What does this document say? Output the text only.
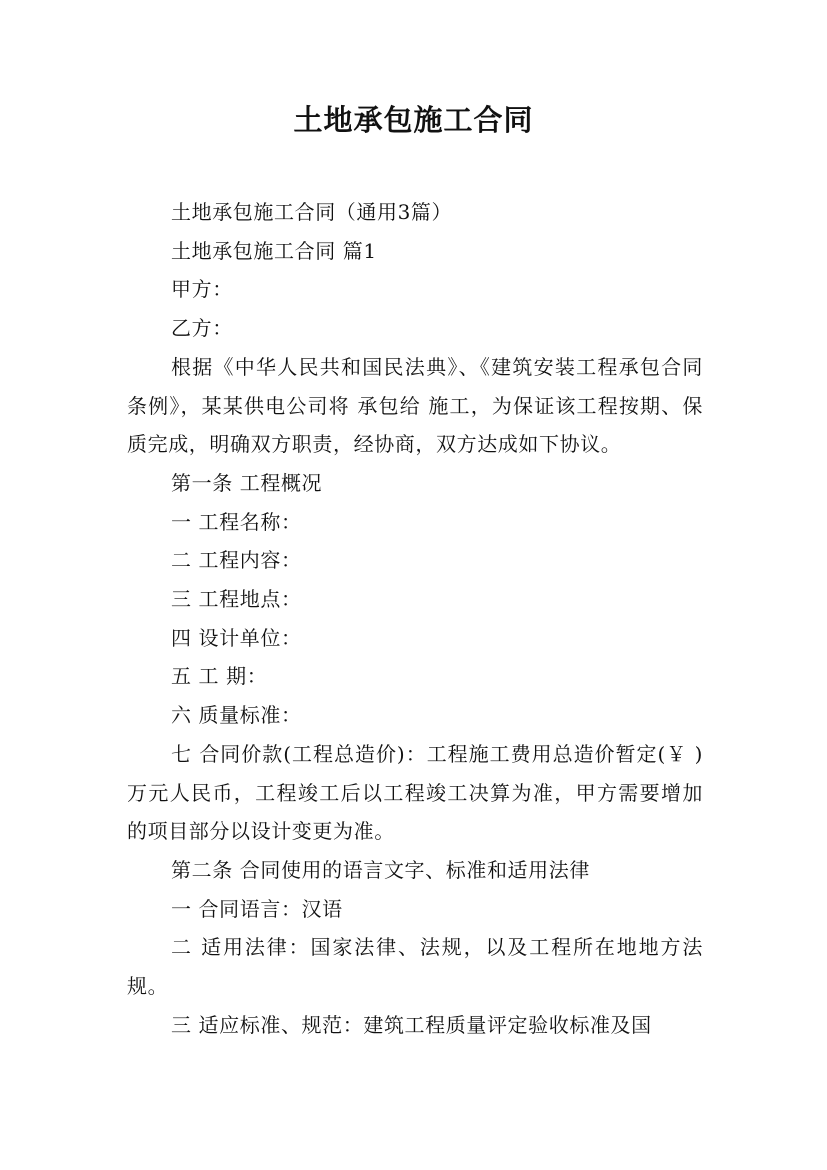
土地承包施工合同

土地承包施工合同（通用3篇）

土地承包施工合同 篇1

甲方：

乙方：

根据《中华人民共和国民法典》、《建筑安装工程承包合同条例》，某某供电公司将 承包给 施工，为保证该工程按期、保质完成，明确双方职责，经协商，双方达成如下协议。

第一条 工程概况

一 工程名称：

二 工程内容：

三 工程地点：

四 设计单位：

五 工 期：

六 质量标准：

七 合同价款(工程总造价)：工程施工费用总造价暂定(￥ )万元人民币，工程竣工后以工程竣工决算为准，甲方需要增加的项目部分以设计变更为准。

第二条 合同使用的语言文字、标准和适用法律

一 合同语言：汉语

二 适用法律：国家法律、法规，以及工程所在地地方法规。

三 适应标准、规范：建筑工程质量评定验收标准及国
